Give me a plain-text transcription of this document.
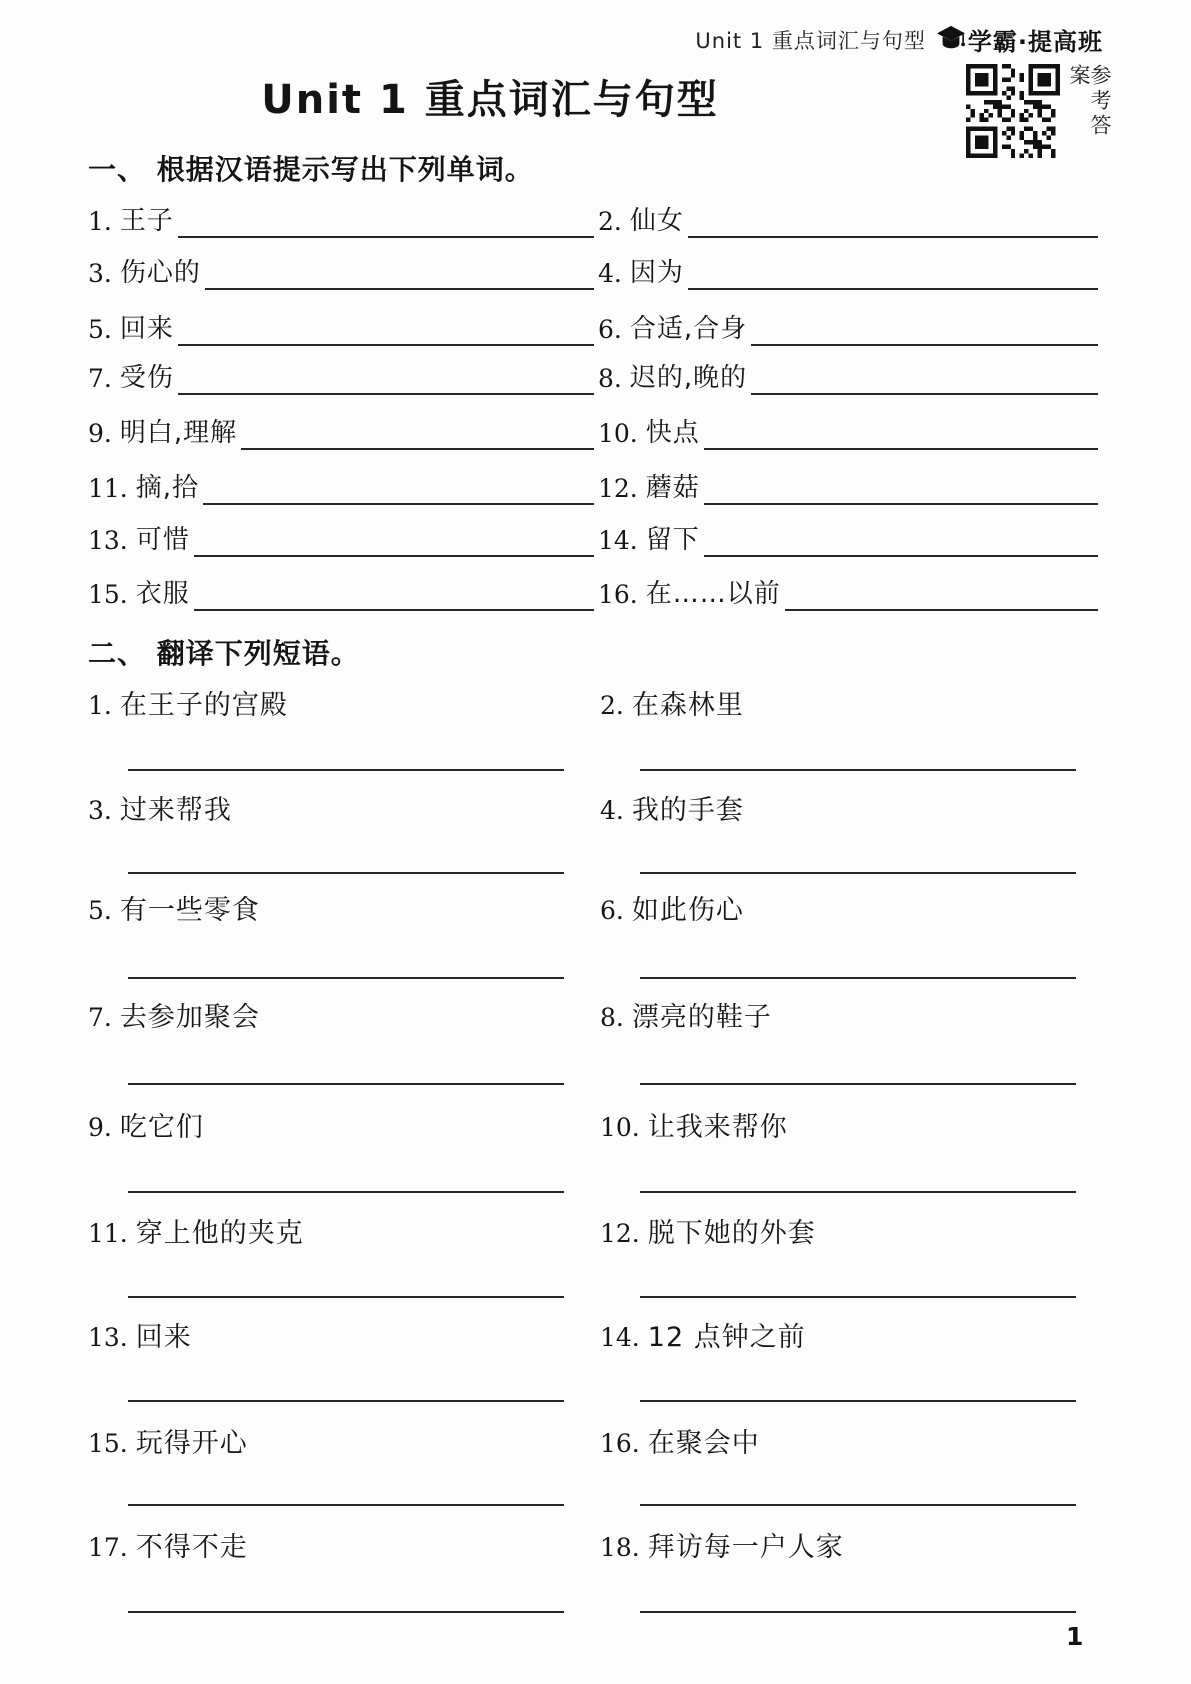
Unit 1 重点词汇与句型 学霸·提高班
Unit 1 重点词汇与句型	参考答案
一、 根据汉语提示写出下列单词。
二、 翻译下列短语。
1. 王子	2. 仙女
3. 伤心的	4. 因为
5. 回来	6. 合适,合身
7. 受伤	8. 迟的,晚的
9. 明白,理解	10. 快点
11. 摘,拾	12. 蘑菇
13. 可惜	14. 留下
15. 衣服	16. 在……以前
1. 在王子的宫殿	2. 在森林里
3. 过来帮我	4. 我的手套
5. 有一些零食	6. 如此伤心
7. 去参加聚会	8. 漂亮的鞋子
9. 吃它们	10. 让我来帮你
11. 穿上他的夹克	12. 脱下她的外套
13. 回来	14. 12 点钟之前
15. 玩得开心	16. 在聚会中
17. 不得不走	18. 拜访每一户人家
1
